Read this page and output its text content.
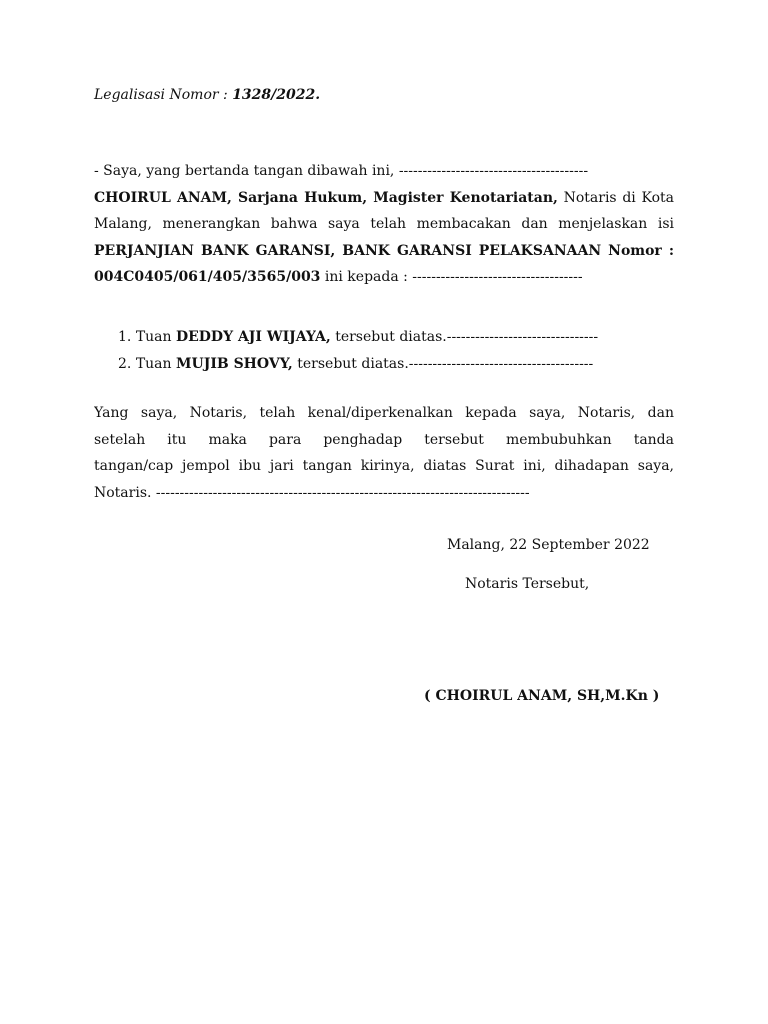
Legalisasi Nomor : 1328/2022.
- Saya, yang bertanda tangan dibawah ini, ----------------------------------------
CHOIRUL ANAM, Sarjana Hukum, Magister Kenotariatan, Notaris di Kota
Malang, menerangkan bahwa saya telah membacakan dan menjelaskan isi
PERJANJIAN BANK GARANSI, BANK GARANSI PELAKSANAAN Nomor :
004C0405/061/405/3565/003 ini kepada : ------------------------------------
1. Tuan DEDDY AJI WIJAYA, tersebut diatas.--------------------------------
2. Tuan MUJIB SHOVY, tersebut diatas.---------------------------------------
Yang saya, Notaris, telah kenal/diperkenalkan kepada saya, Notaris, dan
setelah itu maka para penghadap tersebut membubuhkan tanda
tangan/cap jempol ibu jari tangan kirinya, diatas Surat ini, dihadapan saya,
Notaris. -------------------------------------------------------------------------------
Malang, 22 September 2022
Notaris Tersebut,
( CHOIRUL ANAM, SH,M.Kn )
